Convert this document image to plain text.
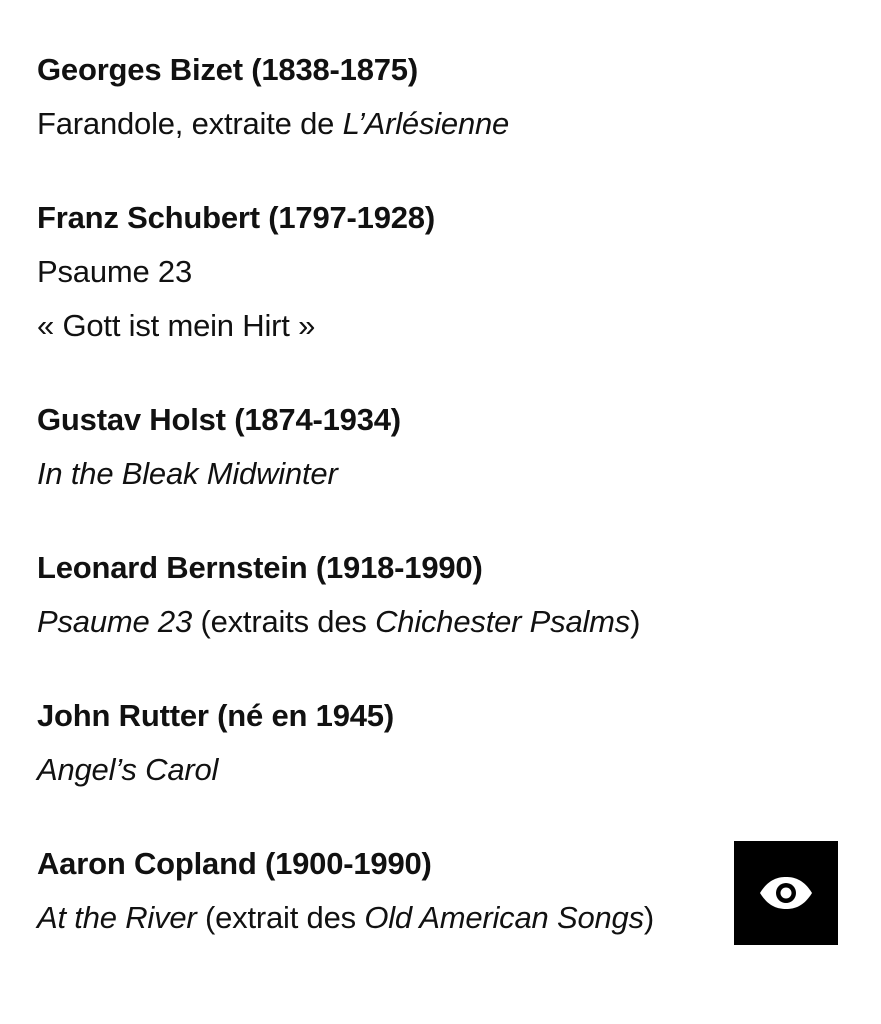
Georges Bizet (1838-1875)
Farandole, extraite de L’Arlésienne
Franz Schubert (1797-1928)
Psaume 23
« Gott ist mein Hirt »
Gustav Holst (1874-1934)
In the Bleak Midwinter
Leonard Bernstein (1918-1990)
Psaume 23 (extraits des Chichester Psalms)
John Rutter (né en 1945)
Angel’s Carol
Aaron Copland (1900-1990)
At the River (extrait des Old American Songs)
